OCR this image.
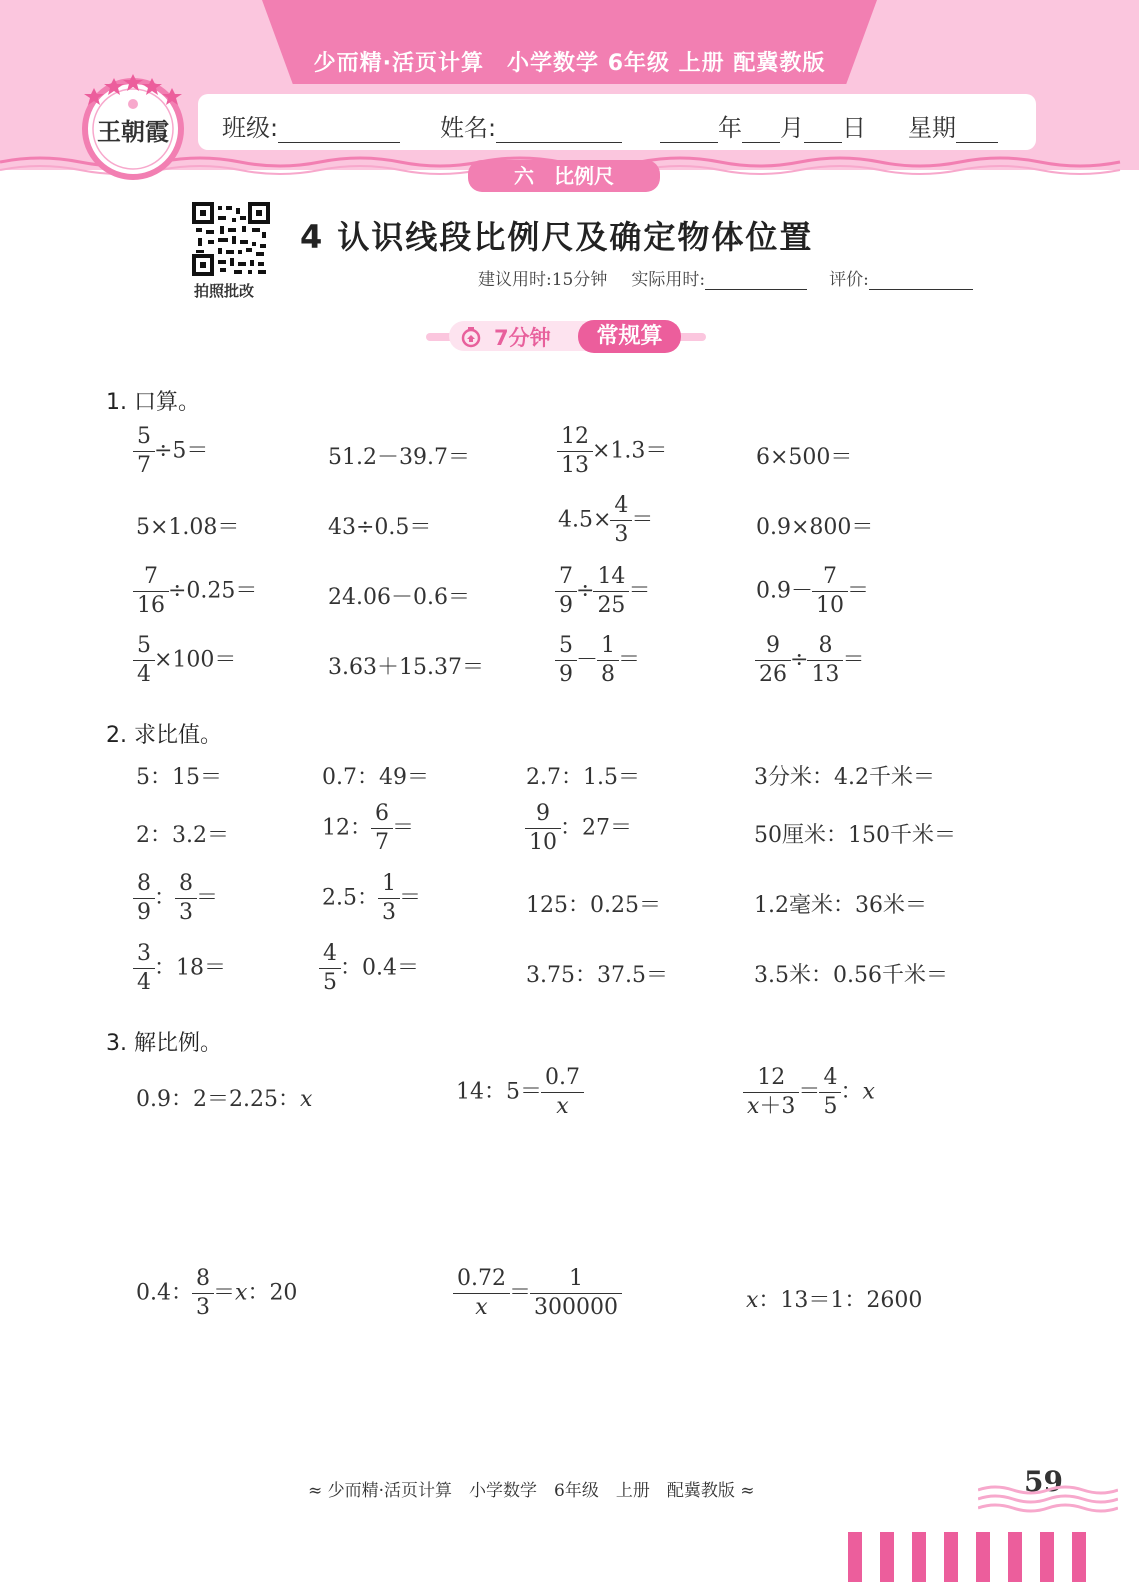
少而精·活页计算　小学数学 6年级 上册 配冀教版
班级:	姓名:	年 月 日 星期
六　比例尺
王朝霞
拍照批改
4 认识线段比例尺及确定物体位置
建议用时:15分钟 实际用时:	评价:
7分钟	常规算
1. 口算。
$\frac{5}{7} \div 5=$	51.2－39.7＝	$\frac{12}{13} \times 1.3=$	6×500＝
5×1.08＝	43÷0.5＝	$4.5\times \frac{4}{3}$ ＝	0.9×800＝
$\frac{7}{16} \div 0.25=$	24.06－0.6＝	$\frac{7}{9} \div \frac{14}{25}$ ＝	$0.9- \frac{7}{10}$ ＝
$\frac{5}{4} \times 100=$	3.63＋15.37＝	$\frac{5}{9} - \frac{1}{8}$ ＝	$\frac{9}{26} \div \frac{8}{13}$ ＝
2. 求比值。
5：15＝	0.7：49＝	2.7：1.5＝	3分米：4.2千米＝
2：3.2＝	12： $\frac{6}{7}$ ＝	$\frac{9}{10}$ ：27＝	50厘米：150千米＝
$\frac{8}{9}$ ： $\frac{8}{3}$ ＝	2.5： $\frac{1}{3}$ ＝	125：0.25＝	1.2毫米：36米＝
$\frac{3}{4}$ ：18＝	$\frac{4}{5}$ ：0.4＝	3.75：37.5＝	3.5米：0.56千米＝
3. 解比例。
0.9：2＝2.25：x	14：$5= \frac{0.7}{x}$	$\frac{12}{x+3} = \frac{4}{5}$ ：x
0.4： $\frac{8}{3} =x$：20	$\frac{0.72}{x} = \frac{1}{300000}$	x：13＝1：2600
≈ 少而精·活页计算　小学数学　6年级　上册　配冀教版 ≈	59
